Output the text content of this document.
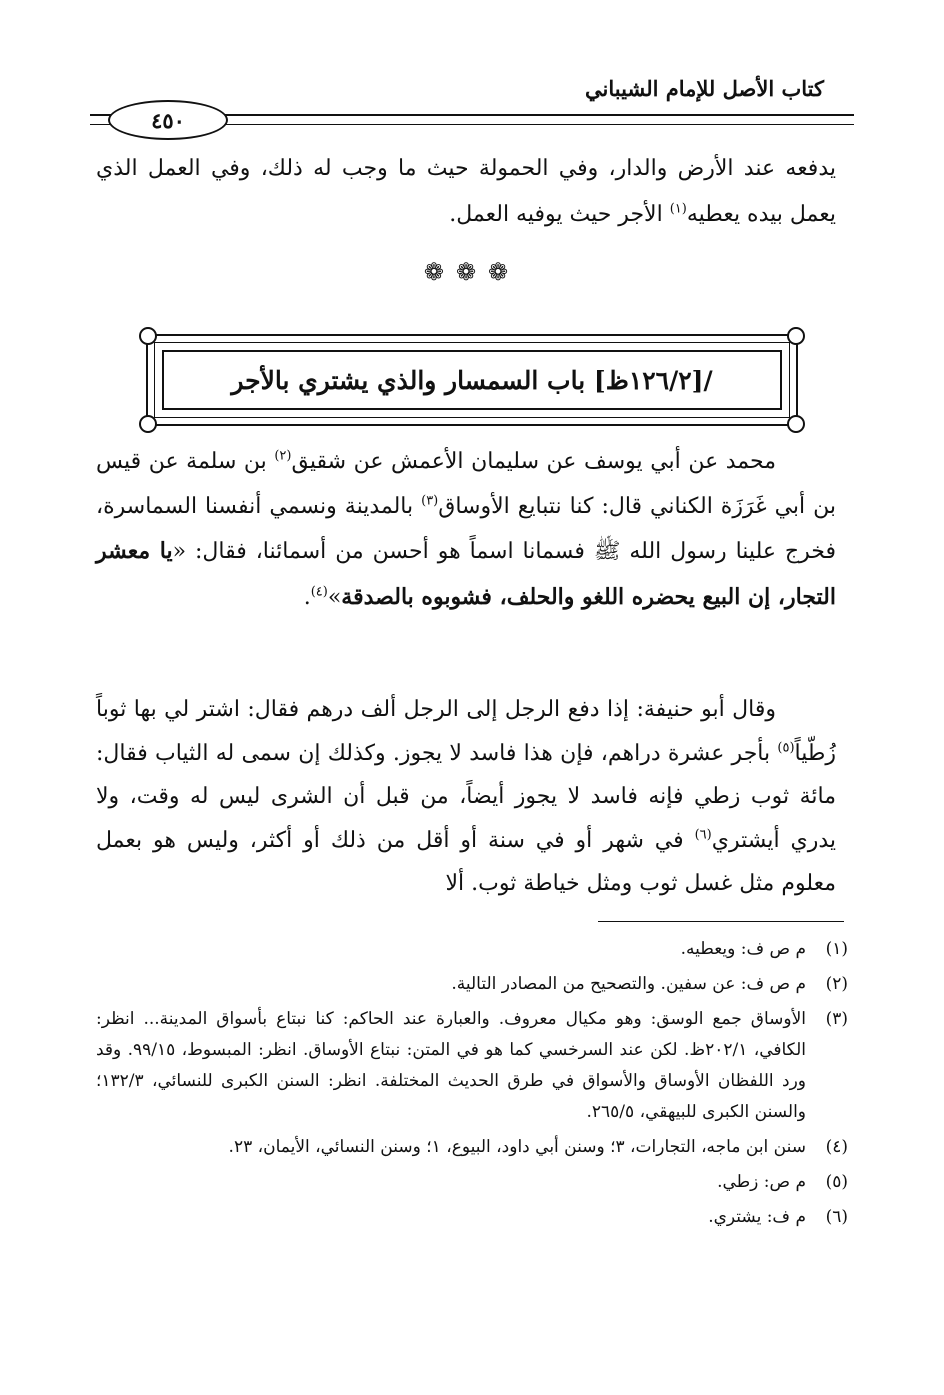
كتاب الأصل للإمام الشيباني
٤٥٠
يدفعه عند الأرض والدار، وفي الحمولة حيث ما وجب له ذلك، وفي العمل الذي يعمل بيده يعطيه$^{(١)}$ الأجر حيث يوفيه العمل.
❁❁❁
/[١٢٦/٢ظ] باب السمسار والذي يشتري بالأجر
محمد عن أبي يوسف عن سليمان الأعمش عن شقيق$^{(٢)}$ بن سلمة عن قيس بن أبي غَرَزَة الكناني قال: كنا نتبايع الأوساق$^{(٣)}$ بالمدينة ونسمي أنفسنا السماسرة، فخرج علينا رسول الله ﷺ فسمانا اسماً هو أحسن من أسمائنا، فقال: «يا معشر التجار، إن البيع يحضره اللغو والحلف، فشوبوه بالصدقة»$^{(٤)}$.
وقال أبو حنيفة: إذا دفع الرجل إلى الرجل ألف درهم فقال: اشتر لي بها ثوباً زُطّياً$^{(٥)}$ بأجر عشرة دراهم، فإن هذا فاسد لا يجوز. وكذلك إن سمى له الثياب فقال: مائة ثوب زطي فإنه فاسد لا يجوز أيضاً، من قبل أن الشرى ليس له وقت، ولا يدري أيشتري$^{(٦)}$ في شهر أو في سنة أو أقل من ذلك أو أكثر، وليس هو بعمل معلوم مثل غسل ثوب ومثل خياطة ثوب. ألا
(١)
م ص ف: ويعطيه.
(٢)
م ص ف: عن سفين. والتصحيح من المصادر التالية.
(٣)
الأوساق جمع الوسق: وهو مكيال معروف. والعبارة عند الحاكم: كنا نبتاع بأسواق المدينة... انظر: الكافي، ٢٠٢/١ظ. لكن عند السرخسي كما هو في المتن: نبتاع الأوساق. انظر: المبسوط، ٩٩/١٥. وقد ورد اللفظان الأوساق والأسواق في طرق الحديث المختلفة. انظر: السنن الكبرى للنسائي، ١٣٢/٣؛ والسنن الكبرى للبيهقي، ٢٦٥/٥.
(٤)
سنن ابن ماجه، التجارات، ٣؛ وسنن أبي داود، البيوع، ١؛ وسنن النسائي، الأيمان، ٢٣.
(٥)
م ص: زطي.
(٦)
م ف: يشتري.
